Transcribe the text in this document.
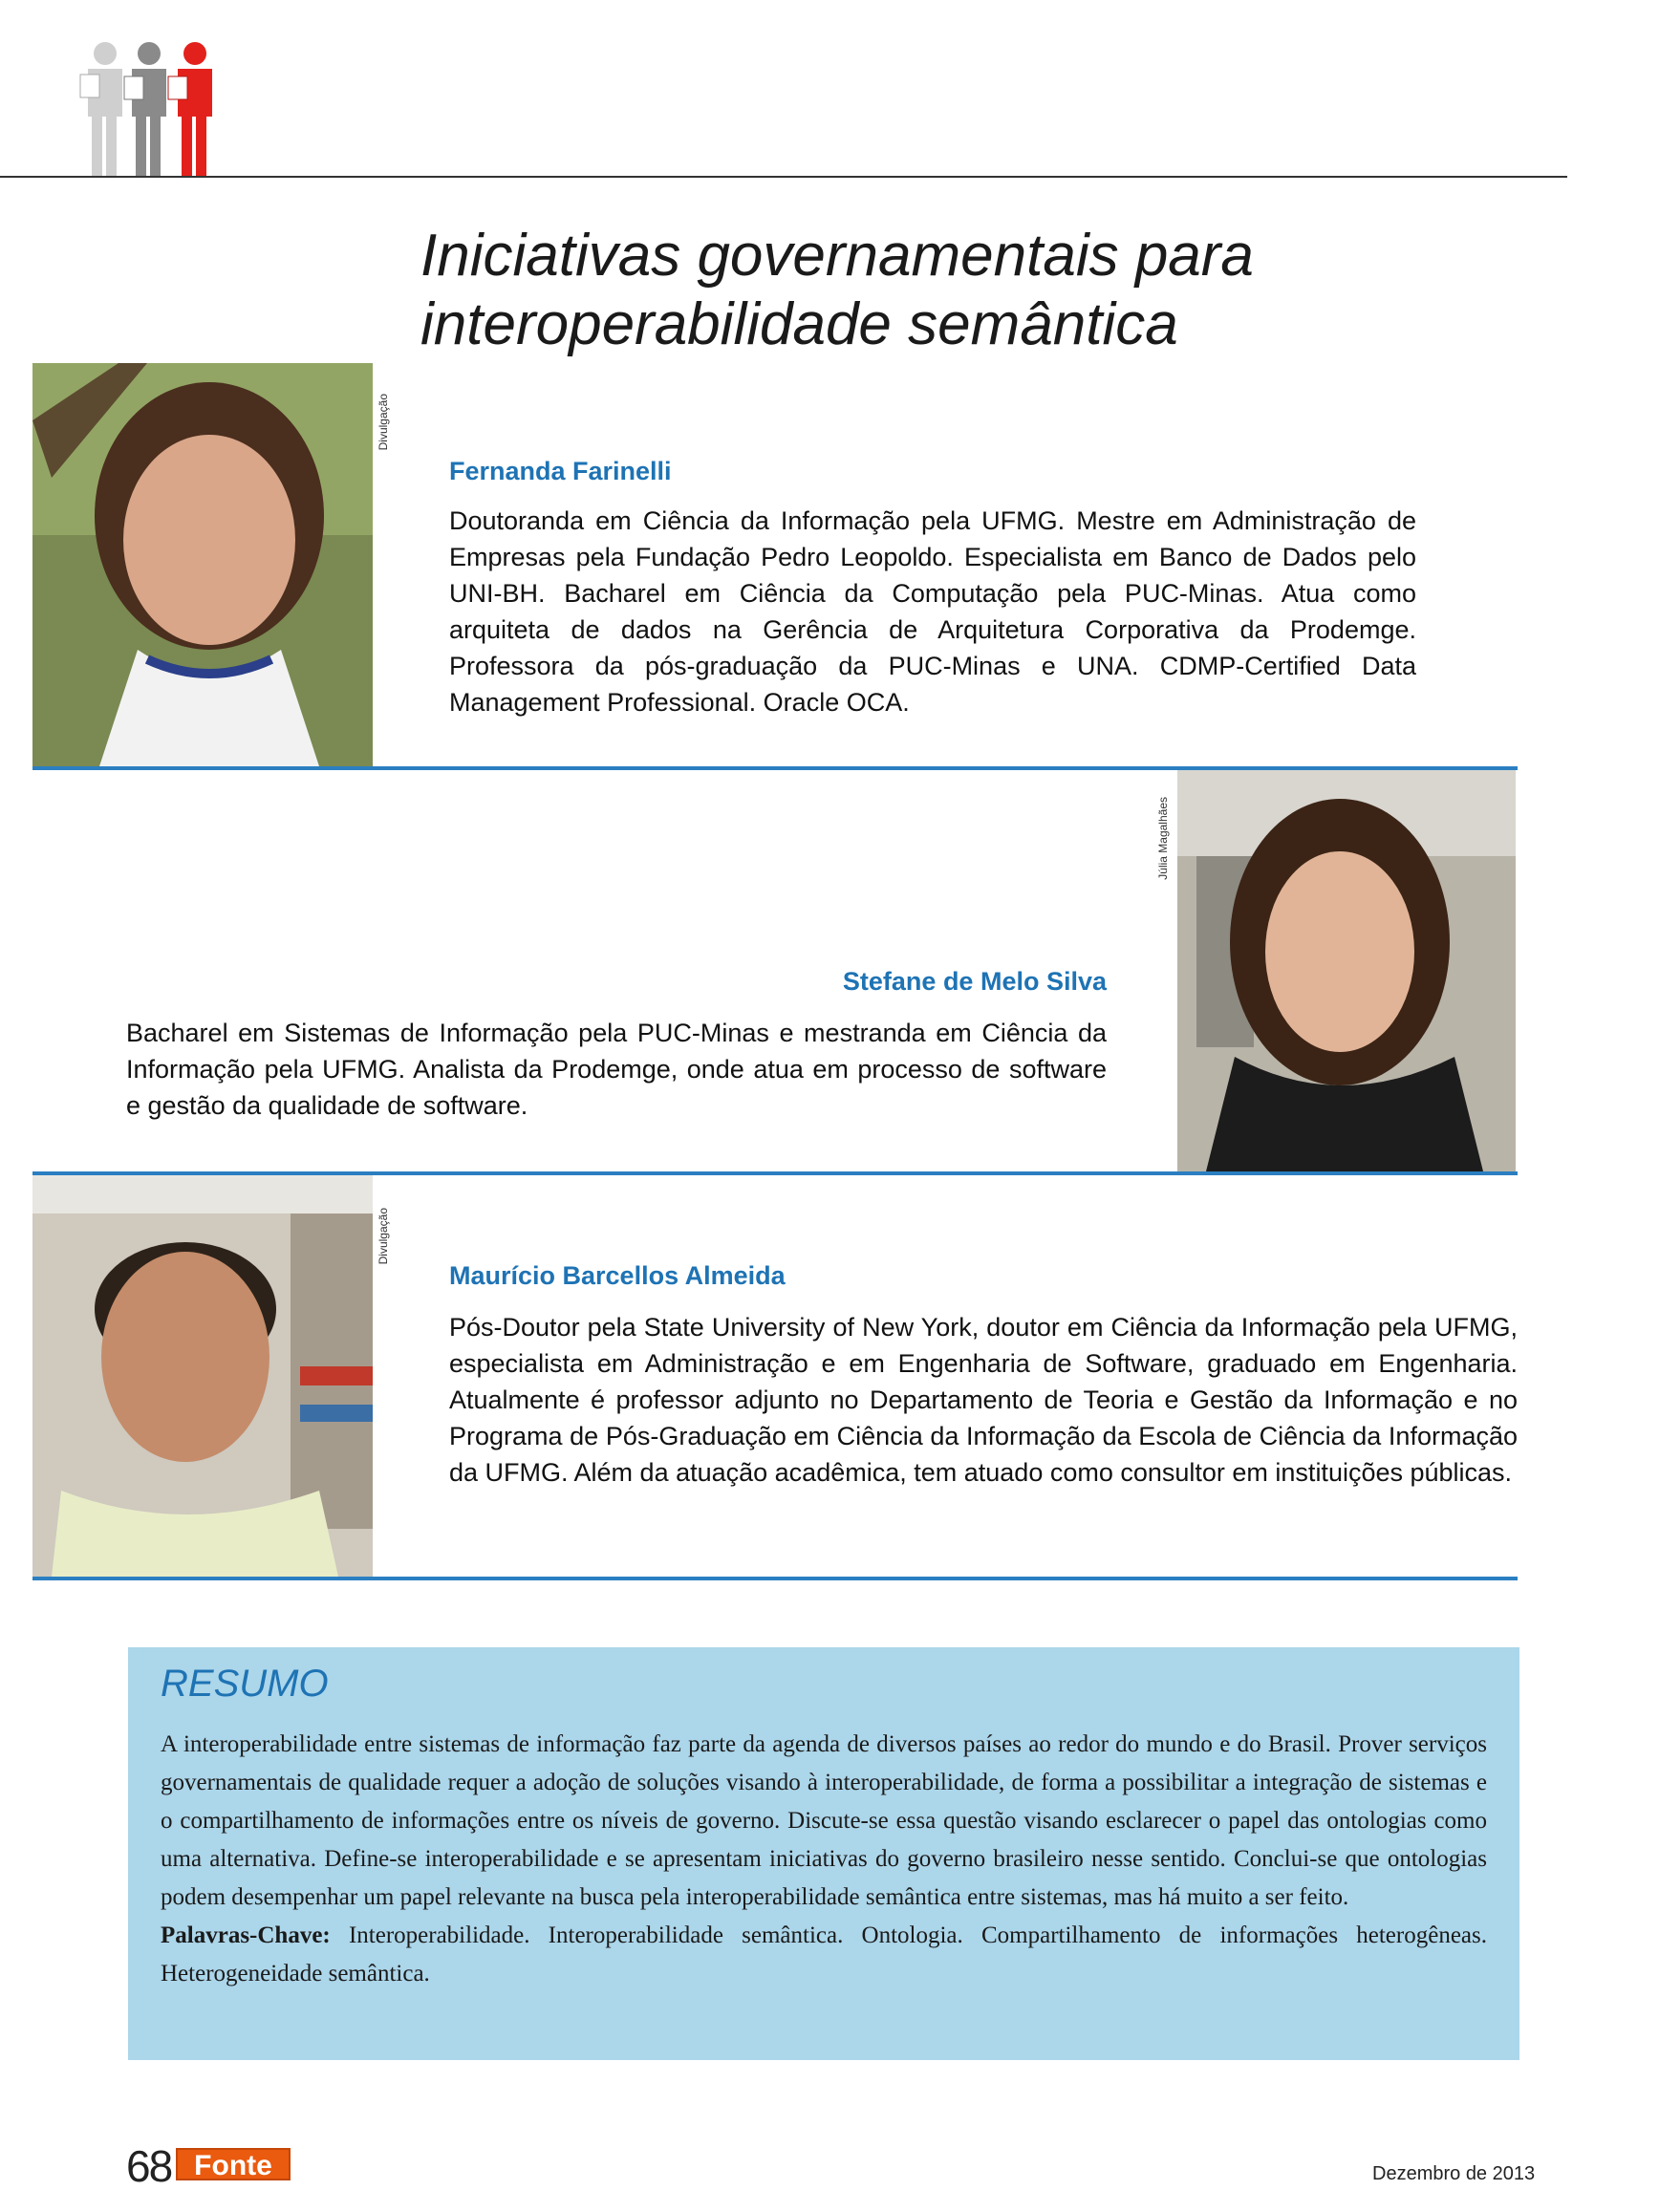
Iniciativas governamentais para
interoperabilidade semântica
Divulgação
Fernanda Farinelli
Doutoranda em Ciência da Informação pela UFMG. Mestre em Administração de Empresas pela Fundação Pedro Leopoldo. Especialista em Banco de Dados pelo UNI-BH. Bacharel em Ciência da Computação pela PUC-Minas. Atua como arquiteta de dados na Gerência de Arquitetura Corporativa da Prodemge. Professora da pós-graduação da PUC-Minas e UNA. CDMP-Certified Data Management Professional. Oracle OCA.
Júlia Magalhães
Stefane de Melo Silva
Bacharel em Sistemas de Informação pela PUC-Minas e mestranda em Ciência da Informação pela UFMG. Analista da Prodemge, onde atua em processo de software e gestão da qualidade de software.
Divulgação
Maurício Barcellos Almeida
Pós-Doutor pela State University of New York, doutor em Ciência da Informação pela UFMG, especialista em Administração e em Engenharia de Software, graduado em Engenharia. Atualmente é professor adjunto no Departamento de Teoria e Gestão da Informação e no Programa de Pós-Graduação em Ciência da Informação da Escola de Ciência da Informação da UFMG. Além da atuação acadêmica, tem atuado como consultor em instituições públicas.
RESUMO
A interoperabilidade entre sistemas de informação faz parte da agenda de diversos países ao redor do mundo e do Brasil. Prover serviços governamentais de qualidade requer a adoção de soluções visando à interoperabilidade, de forma a possibilitar a integração de sistemas e o compartilhamento de informações entre os níveis de governo. Discute-se essa questão visando esclarecer o papel das ontologias como uma alternativa. Define-se interoperabilidade e se apresentam iniciativas do governo brasileiro nesse sentido. Conclui-se que ontologias podem desempenhar um papel relevante na busca pela interoperabilidade semântica entre sistemas, mas há muito a ser feito.
Palavras-Chave: Interoperabilidade. Interoperabilidade semântica. Ontologia. Compartilhamento de informações heterogêneas. Heterogeneidade semântica.
68 Fonte	Dezembro de 2013
